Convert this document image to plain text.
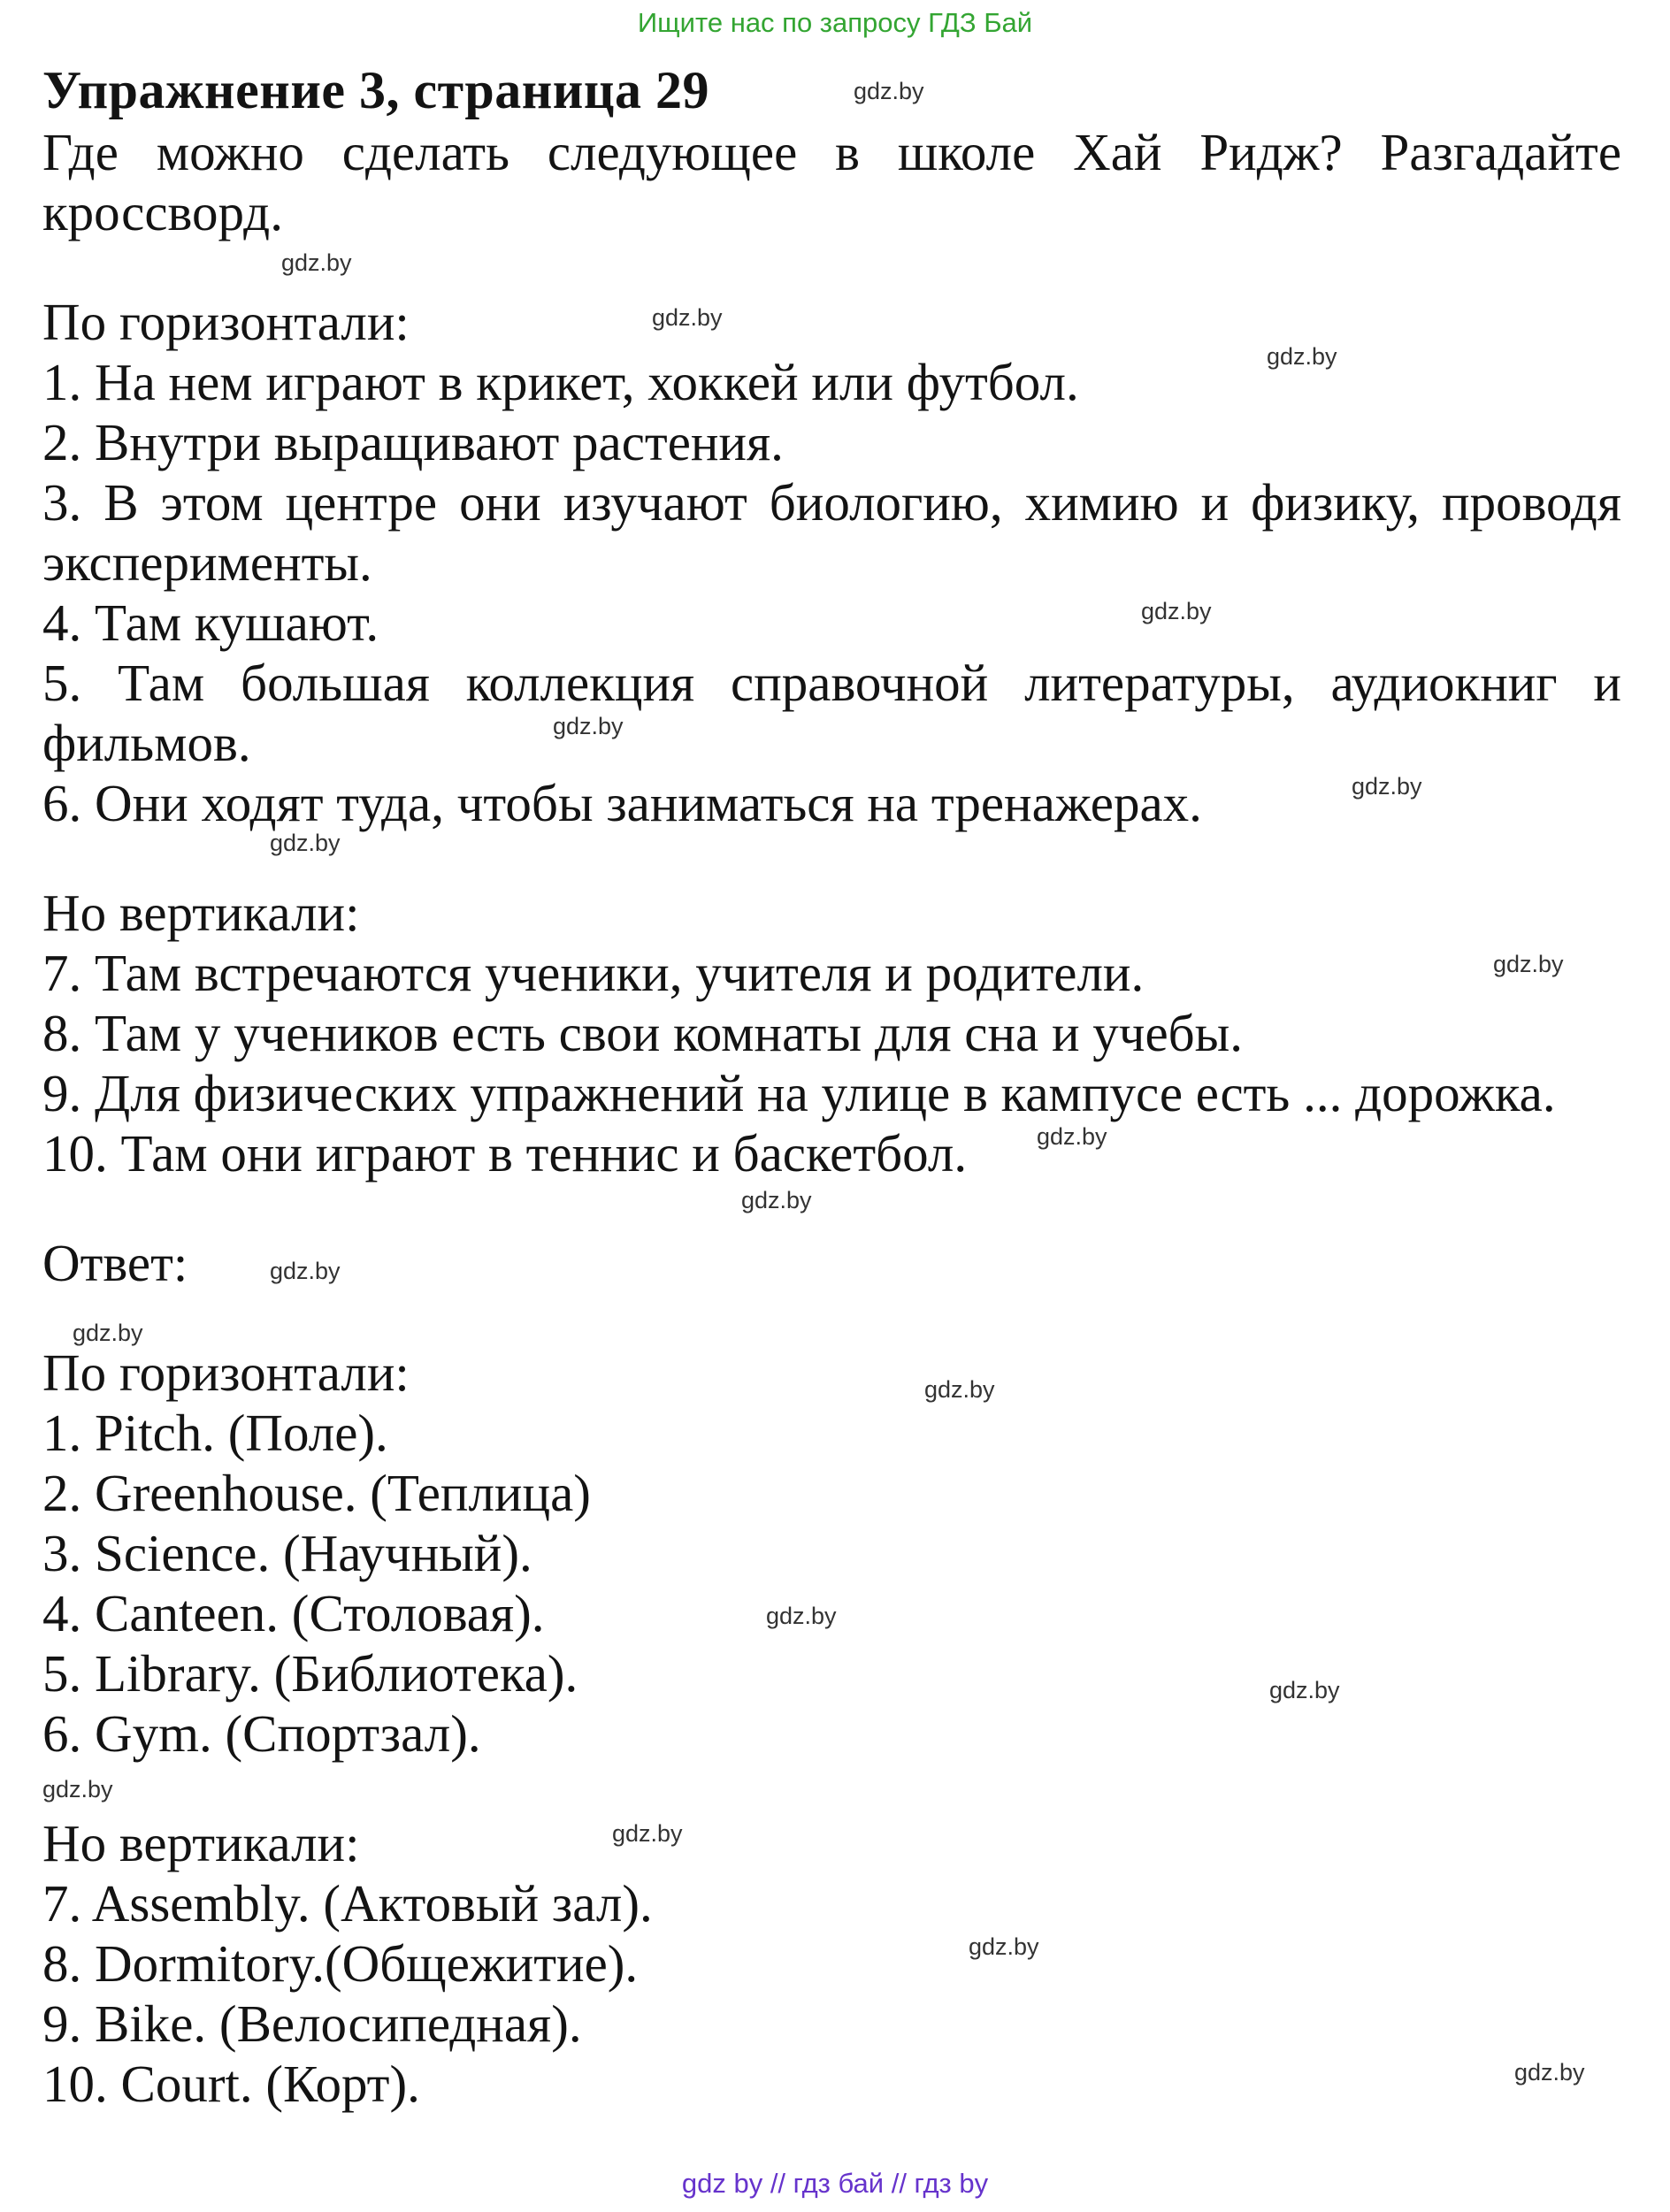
Ищите нас по запросу ГДЗ Бай
Упражнение 3, страница 29

Где можно сделать следующее в школе Хай Ридж? Разгадайте кроссворд.

По горизонтали:

1. На нем играют в крикет, хоккей или футбол.
2. Внутри выращивают растения.
3. В этом центре они изучают биологию, химию и физику, проводя эксперименты.
4. Там кушают.
5. Там большая коллекция справочной литературы, аудиокниг и фильмов.
6. Они ходят туда, чтобы заниматься на тренажерах.

Но вертикали:

7. Там встречаются ученики, учителя и родители.
8. Там у учеников есть свои комнаты для сна и учебы.
9. Для физических упражнений на улице в кампусе есть ... дорожка.
10. Там они играют в теннис и баскетбол.

Ответ:

По горизонтали:

1. Pitch. (Поле).
2. Greenhouse. (Теплица)
3. Science. (Научный).
4. Canteen. (Столовая).
5. Library. (Библиотека).
6. Gym. (Спортзал).

Но вертикали:

7. Assembly. (Актовый зал).
8. Dormitory.(Общежитие).
9. Bike. (Велосипедная).
10. Court. (Корт).
gdz.by
gdz.by
gdz.by
gdz.by
gdz.by
gdz.by
gdz.by
gdz.by
gdz.by
gdz.by
gdz.by
gdz.by
gdz.by
gdz.by
gdz.by
gdz.by
gdz.by
gdz.by
gdz.by
gdz.by
gdz by // гдз бай // гдз by
